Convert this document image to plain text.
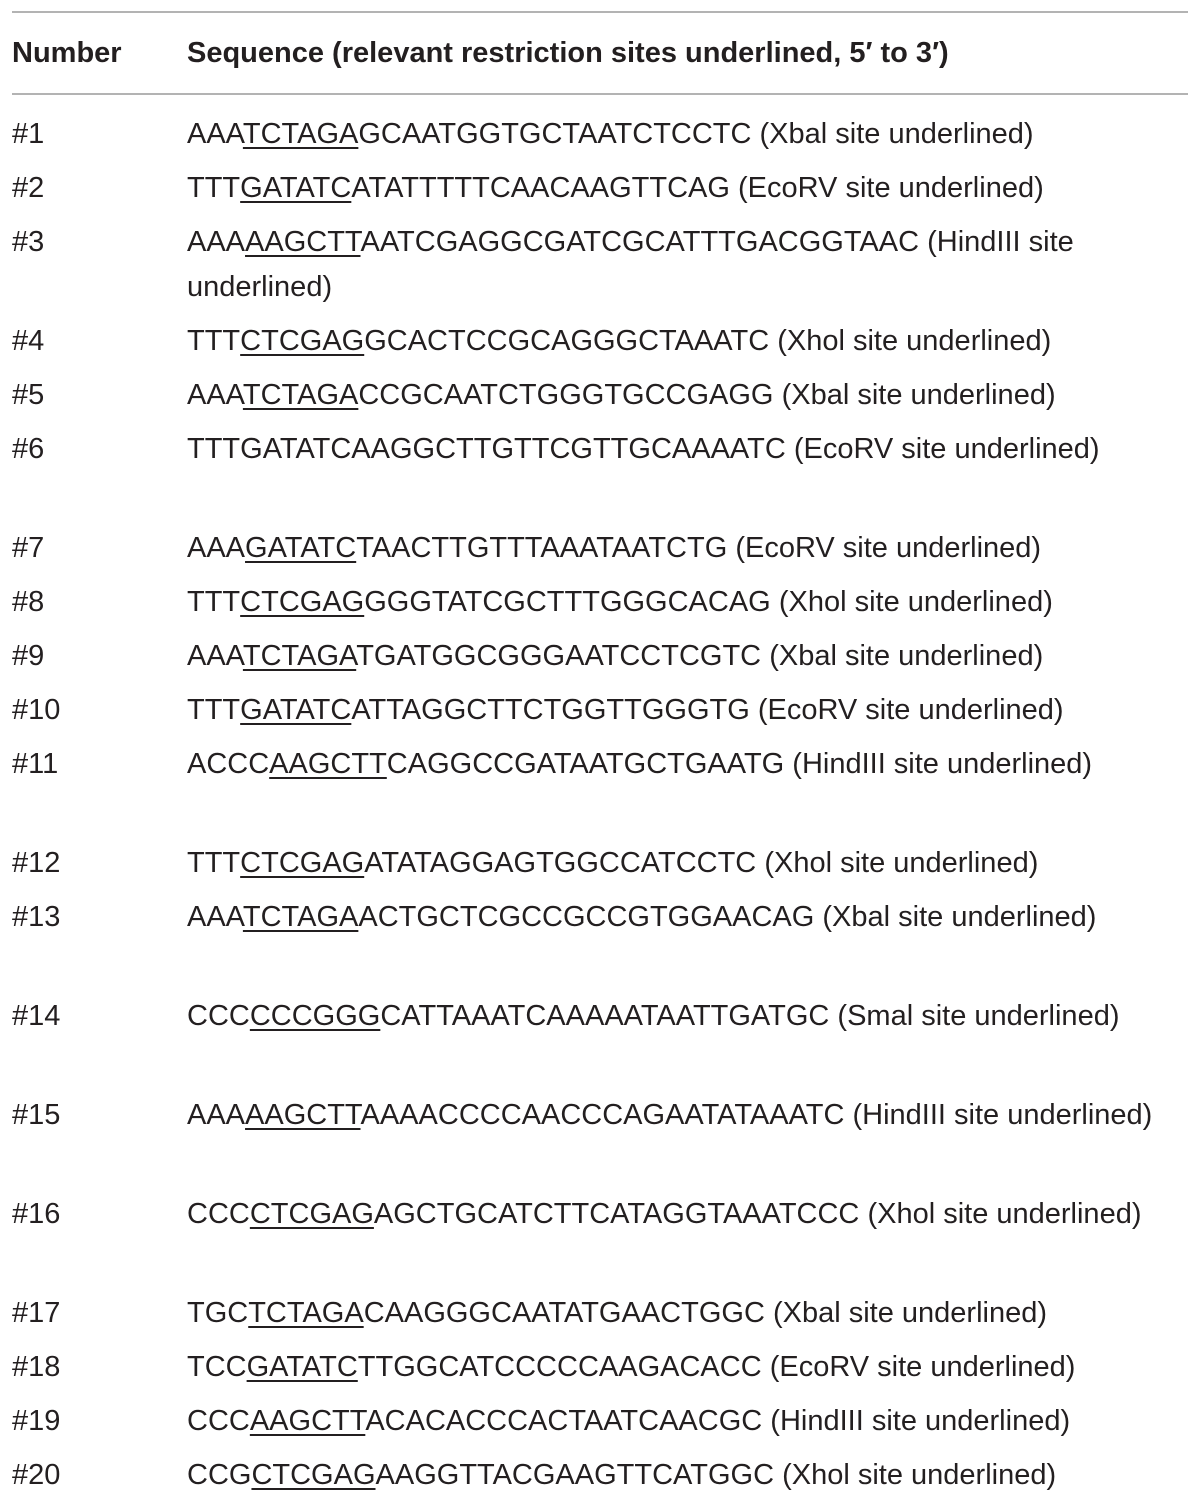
Number Sequence (relevant restriction sites underlined, 5′ to 3′)
#1	AAATCTAGAGCAATGGTGCTAATCTCCTC (Xbal site underlined)
#2	TTTGATATCATATTTTTCAACAAGTTCAG (EcoRV site underlined)
#3	AAAAAGCTTAATCGAGGCGATCGCATTTGACGGTAAC (HindIII site underlined)
#4	TTTCTCGAGGCACTCCGCAGGGCTAAATC (Xhol site underlined)
#5	AAATCTAGACCGCAATCTGGGTGCCGAGG (Xbal site underlined)
#6	TTTGATATCAAGGCTTGTTCGTTGCAAAATC (EcoRV site underlined)
#7	AAAGATATCTAACTTGTTTAAATAATCTG (EcoRV site underlined)
#8	TTTCTCGAGGGGTATCGCTTTGGGCACAG (Xhol site underlined)
#9	AAATCTAGATGATGGCGGGAATCCTCGTC (Xbal site underlined)
#10	TTTGATATCATTAGGCTTCTGGTTGGGTG (EcoRV site underlined)
#11	ACCCAAGCTTCAGGCCGATAATGCTGAATG (HindIII site underlined)
#12	TTTCTCGAGATATAGGAGTGGCCATCCTC (Xhol site underlined)
#13	AAATCTAGAACTGCTCGCCGCCGTGGAACAG (Xbal site underlined)
#14	CCCCCCGGGCATTAAATCAAAAATAATTGATGC (Smal site underlined)
#15	AAAAAGCTTAAAACCCCAACCCAGAATATAAATC (HindIII site underlined)
#16	CCCCTCGAGAGCTGCATCTTCATAGGTAAATCCC (Xhol site underlined)
#17	TGCTCTAGACAAGGGCAATATGAACTGGC (Xbal site underlined)
#18	TCCGATATCTTGGCATCCCCCAAGACACC (EcoRV site underlined)
#19	CCCAAGCTTACACACCCACTAATCAACGC (HindIII site underlined)
#20	CCGCTCGAGAAGGTTACGAAGTTCATGGC (Xhol site underlined)
